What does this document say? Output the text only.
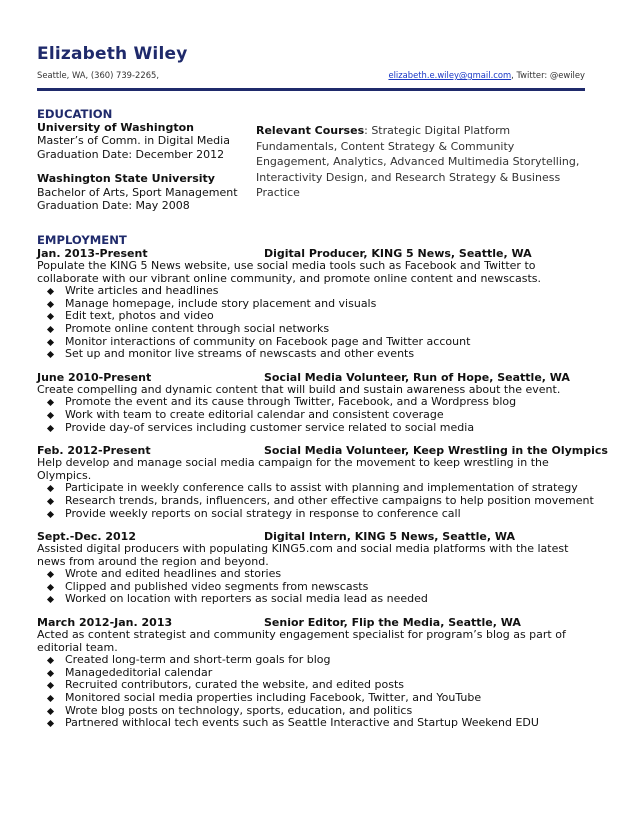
Elizabeth Wiley
Seattle, WA, (360) 739-2265,	elizabeth.e.wiley@gmail.com, Twitter: @ewiley
EDUCATION
University of Washington
Master’s of Comm. in Digital Media
Graduation Date: December 2012
Washington State University
Bachelor of Arts, Sport Management
Graduation Date: May 2008
Relevant Courses: Strategic Digital Platform Fundamentals, Content Strategy & Community Engagement, Analytics, Advanced Multimedia Storytelling, Interactivity Design, and Research Strategy & Business Practice
EMPLOYMENT
Jan. 2013-Present	Digital Producer, KING 5 News, Seattle, WA

Populate the KING 5 News website, use social media tools such as Facebook and Twitter to collaborate with our vibrant online community, and promote online content and newscasts.

Write articles and headlines
Manage homepage, include story placement and visuals
Edit text, photos and video
Promote online content through social networks
Monitor interactions of community on Facebook page and Twitter account
Set up and monitor live streams of newscasts and other events
June 2010-Present	Social Media Volunteer, Run of Hope, Seattle, WA

Create compelling and dynamic content that will build and sustain awareness about the event.

Promote the event and its cause through Twitter, Facebook, and a Wordpress blog
Work with team to create editorial calendar and consistent coverage
Provide day-of services including customer service related to social media
Feb. 2012-Present	Social Media Volunteer, Keep Wrestling in the Olympics

Help develop and manage social media campaign for the movement to keep wrestling in the Olympics.

Participate in weekly conference calls to assist with planning and implementation of strategy
Research trends, brands, influencers, and other effective campaigns to help position movement
Provide weekly reports on social strategy in response to conference call
Sept.-Dec. 2012	Digital Intern, KING 5 News, Seattle, WA

Assisted digital producers with populating KING5.com and social media platforms with the latest news from around the region and beyond.

Wrote and edited headlines and stories
Clipped and published video segments from newscasts
Worked on location with reporters as social media lead as needed
March 2012-Jan. 2013	Senior Editor, Flip the Media, Seattle, WA

Acted as content strategist and community engagement specialist for program’s blog as part of editorial team.

Created long-term and short-term goals for blog
Managededitorial calendar
Recruited contributors, curated the website, and edited posts
Monitored social media properties including Facebook, Twitter, and YouTube
Wrote blog posts on technology, sports, education, and politics
Partnered withlocal tech events such as Seattle Interactive and Startup Weekend EDU
